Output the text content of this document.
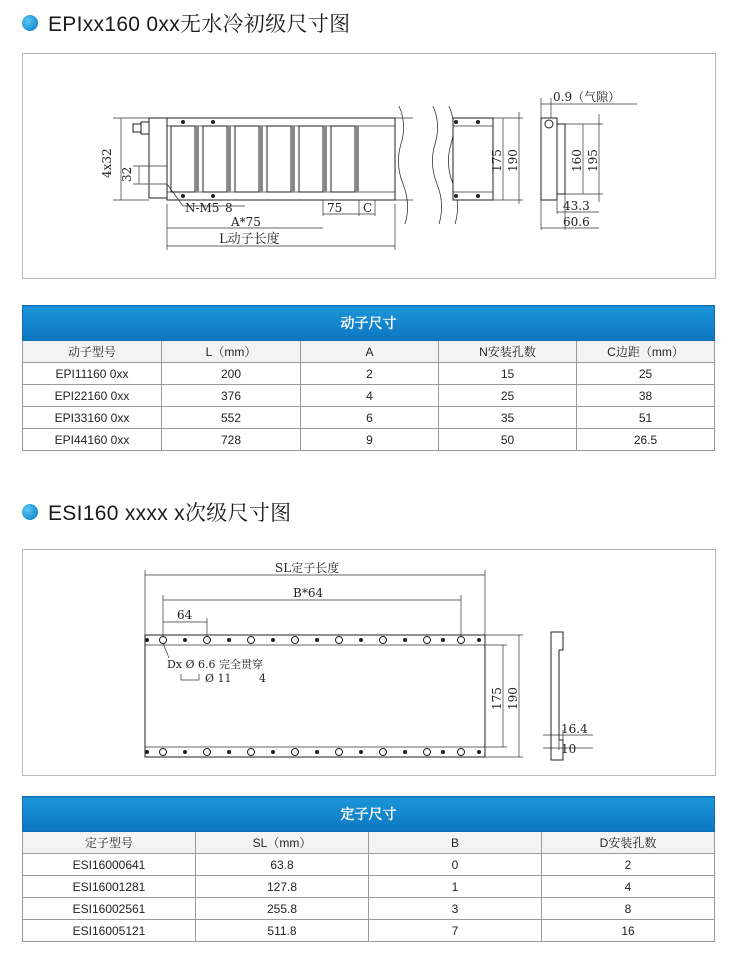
EPIxx160 0xx无水冷初级尺寸图
4x32 32
N-M5 8	75 C
A*75
L动子长度
0.9（气隙）
175 190	160 195
43.3
60.6
动子尺寸				
动子型号	L（mm）	A	N安装孔数	C边距（mm）
EPI11160 0xx	200	2	15	25
EPI22160 0xx	376	4	25	38
EPI33160 0xx	552	6	35	51
EPI44160 0xx	728	9	50	26.5
ESI160 xxxx x次级尺寸图
SL定子长度
B*64
64
Dx Ø 6.6 完全贯穿
Ø 11 4
175 190
16.4
10
定子尺寸			
定子型号	SL（mm）	B	D安装孔数
ESI16000641	63.8	0	2
ESI16001281	127.8	1	4
ESI16002561	255.8	3	8
ESI16005121	511.8	7	16
